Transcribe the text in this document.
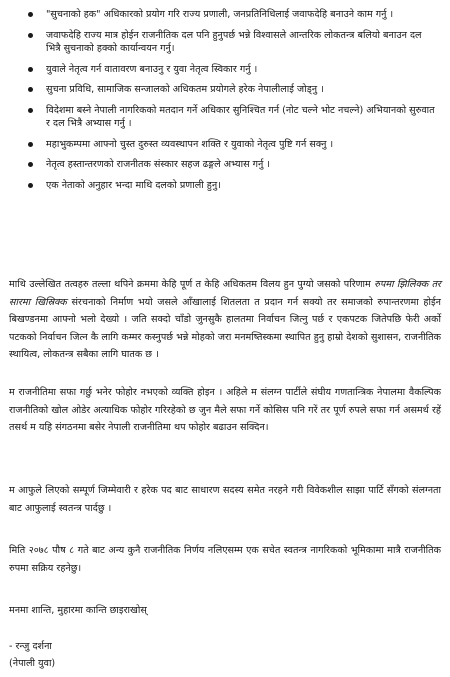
"सुचनाको हक" अधिकारको प्रयोग गरि राज्य प्रणाली, जनप्रतिनिधिलाई जवाफदेहि बनाउने काम गर्नु ।
जवाफदेहि राज्य मात्र होईन राजनीतिक दल पनि हुनुपर्छ भन्ने विश्वासले आन्तरिक लोकतन्त्र बलियो बनाउन दल भित्रै सुचनाको हक्को कार्यान्वयन गर्नु।
युवाले नेतृत्व गर्न वातावरण बनाउनु र युवा नेतृत्व स्विकार गर्नु ।
सुचना प्रविधि, सामाजिक सन्जालको अधिकतम प्रयोगले हरेक नेपालीलाई जोड्नु ।
विदेशमा बस्ने नेपाली नागरिकको मतदान गर्ने अधिकार सुनिश्चित गर्न (नोट चल्ने भोट नचल्ने) अभियानको सुरुवात र दल भित्रै अभ्यास गर्नु ।
महाभुकम्पमा आफ्नो चुस्त दुरुस्त व्यवस्थापन शक्ति र युवाको नेतृत्व पुष्टि गर्न सक्नु ।
नेतृत्व हस्तान्तरणको राजनीतक संस्कार सहज ढङ्गले अभ्यास गर्नु ।
एक नेताको अनुहार भन्दा माथि दलको प्रणाली हुनु।

माथि उल्लेखित तत्वहरु तल्ला थपिने क्रममा केहि पूर्ण त केहि अधिकतम विलय हुन पुग्यो जसको परिणाम रुपमा झिलिक्क तर सारमा खिस्रिक्क संरचनाको निर्माण भयो जसले आँखालाई शितलता त प्रदान गर्न सक्यो तर समाजको रुपान्तरणमा होईन बिखण्डनमा आफ्नो भलो देख्यो । जति सक्दो चाँडो जुनसुकै हालतमा निर्वाचन जित्नु पर्छ र एकपटक जितेपछि फेरी अर्को पटकको निर्वाचन जित्न कै लागि कम्मर कस्नुपर्छ भन्ने मोहको जरा मनमष्तिस्कमा स्थापित हुनु हाम्रो देशको सुशासन, राजनीतिक स्थायित्व, लोकतन्त्र सबैका लागि घातक छ ।

म राजनीतिमा सफा गर्छु भनेर फोहोर नभएको व्यक्ति होइन । अहिले म संलग्न पार्टीले संघीय गणतान्त्रिक नेपालमा वैकल्पिक राजनीतिको खोल ओडेर अत्याधिक फोहोर गरिरहेको छ जुन मैले सफा गर्ने कोसिस पनि गरें तर पूर्ण रुपले सफा गर्न असमर्थ रहें तसर्थ म यहि संगठनमा बसेर नेपाली राजनीतिमा थप फोहोर बढाउन सक्दिन।

म आफुले लिएको सम्पूर्ण जिम्मेवारी र हरेक पद बाट साधारण सदस्य समेत नरहने गरी विवेकशील साझा पार्टि सँगको संलग्नता बाट आफुलाई स्वतन्त्र पार्दछु ।

मिति २०७८ पौष ८ गते बाट अन्य कुनै राजनीतिक निर्णय नलिएसम्म एक सचेत स्वतन्त्र नागरिकको भूमिकामा मात्रै राजनीतिक रुपमा सक्रिय रहनेछु।

मनमा शान्ति, मुहारमा कान्ति छाइराखोस्

- रन्जु दर्शना

(नेपाली युवा)
